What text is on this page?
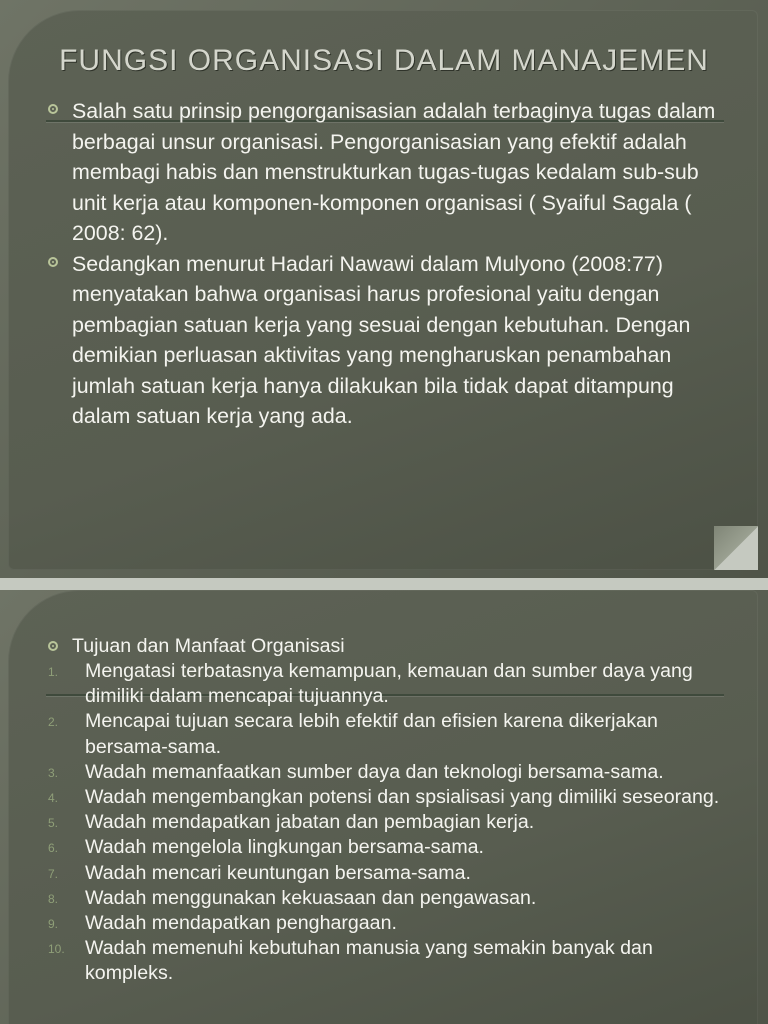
FUNGSI ORGANISASI DALAM MANAJEMEN
Salah satu prinsip pengorganisasian adalah terbaginya tugas dalam berbagai unsur organisasi. Pengorganisasian yang efektif adalah membagi habis dan menstrukturkan tugas-tugas kedalam sub-sub unit kerja atau komponen-komponen organisasi ( Syaiful Sagala ( 2008: 62).
Sedangkan menurut Hadari Nawawi dalam Mulyono (2008:77) menyatakan bahwa organisasi harus profesional yaitu dengan pembagian satuan kerja yang sesuai dengan kebutuhan. Dengan demikian perluasan aktivitas yang mengharuskan penambahan jumlah satuan kerja hanya dilakukan bila tidak dapat ditampung dalam satuan kerja yang ada.
Tujuan dan Manfaat Organisasi
1.	Mengatasi terbatasnya kemampuan, kemauan dan sumber daya yang dimiliki dalam mencapai tujuannya.
2.	Mencapai tujuan secara lebih efektif dan efisien karena dikerjakan bersama-sama.
3.	Wadah memanfaatkan sumber daya dan teknologi bersama-sama.
4.	Wadah mengembangkan potensi dan spsialisasi yang dimiliki seseorang.
5.	Wadah mendapatkan jabatan dan pembagian kerja.
6.	Wadah mengelola lingkungan bersama-sama.
7.	Wadah mencari keuntungan bersama-sama.
8.	Wadah menggunakan kekuasaan dan pengawasan.
9.	Wadah mendapatkan penghargaan.
10.	Wadah memenuhi kebutuhan manusia yang semakin banyak dan kompleks.
